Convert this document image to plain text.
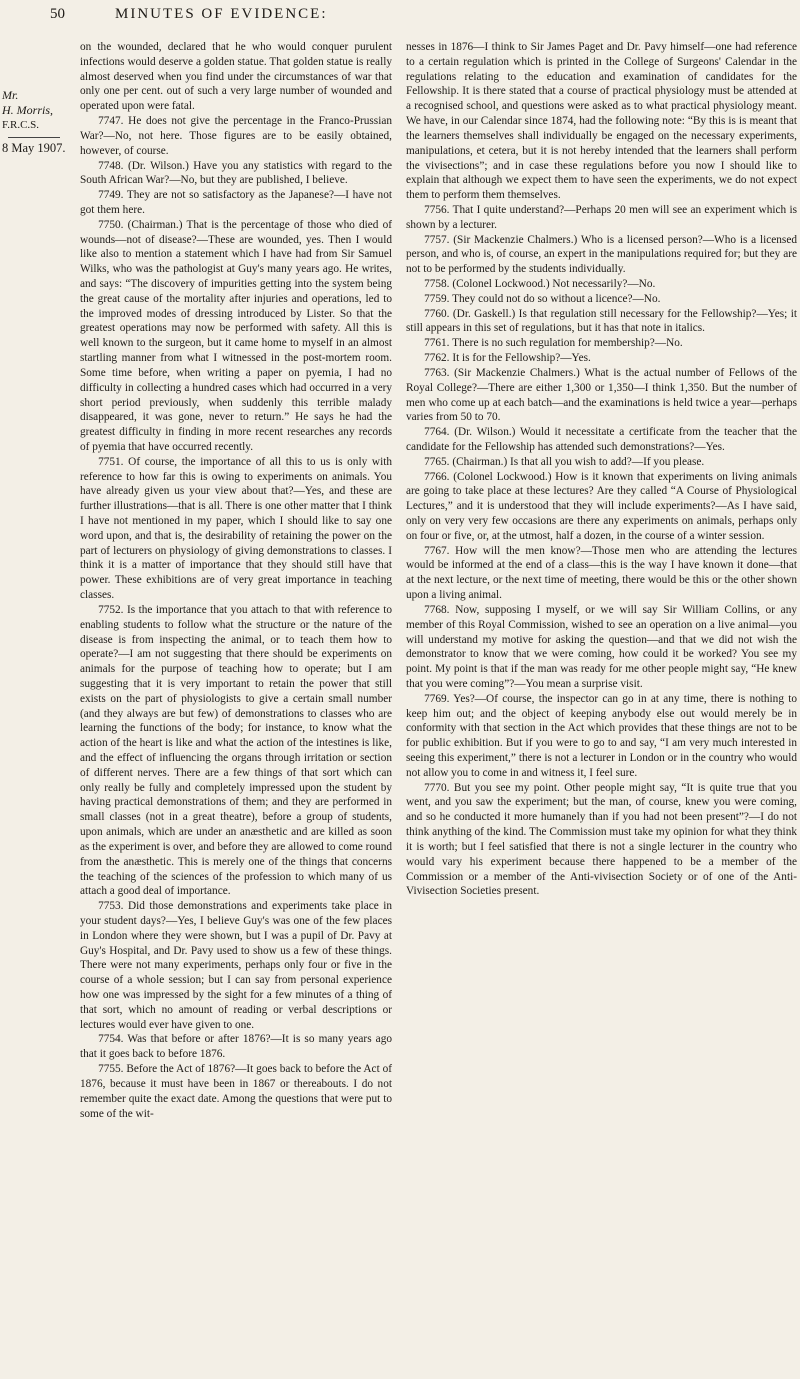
50	MINUTES OF EVIDENCE:
Mr.
H. Morris,
F.R.C.S.
8 May 1907.

on the wounded, declared that he who would conquer purulent infections would deserve a golden statue. That golden statue is really almost deserved when you find under the circumstances of war that only one per cent. out of such a very large number of wounded and operated upon were fatal.

7747. He does not give the percentage in the Franco-Prussian War?—No, not here. Those figures are to be easily obtained, however, of course.

7748. (Dr. Wilson.) Have you any statistics with regard to the South African War?—No, but they are published, I believe.

7749. They are not so satisfactory as the Japanese?—I have not got them here.

7750. (Chairman.) That is the percentage of those who died of wounds—not of disease?—These are wounded, yes. Then I would like also to mention a statement which I have had from Sir Samuel Wilks, who was the pathologist at Guy's many years ago. He writes, and says: “The discovery of impurities getting into the system being the great cause of the mortality after injuries and operations, led to the improved modes of dressing introduced by Lister. So that the greatest operations may now be performed with safety. All this is well known to the surgeon, but it came home to myself in an almost startling manner from what I witnessed in the post-mortem room. Some time before, when writing a paper on pyemia, I had no difficulty in collecting a hundred cases which had occurred in a very short period previously, when suddenly this terrible malady disappeared, it was gone, never to return.” He says he had the greatest difficulty in finding in more recent researches any records of pyemia that have occurred recently.

7751. Of course, the importance of all this to us is only with reference to how far this is owing to experiments on animals. You have already given us your view about that?—Yes, and these are further illustrations—that is all. There is one other matter that I think I have not mentioned in my paper, which I should like to say one word upon, and that is, the desirability of retaining the power on the part of lecturers on physiology of giving demonstrations to classes. I think it is a matter of importance that they should still have that power. These exhibitions are of very great importance in teaching classes.

7752. Is the importance that you attach to that with reference to enabling students to follow what the structure or the nature of the disease is from inspecting the animal, or to teach them how to operate?—I am not suggesting that there should be experiments on animals for the purpose of teaching how to operate; but I am suggesting that it is very important to retain the power that still exists on the part of physiologists to give a certain small number (and they always are but few) of demonstrations to classes who are learning the functions of the body; for instance, to know what the action of the heart is like and what the action of the intestines is like, and the effect of influencing the organs through irritation or section of different nerves. There are a few things of that sort which can only really be fully and completely impressed upon the student by having practical demonstrations of them; and they are performed in small classes (not in a great theatre), before a group of students, upon animals, which are under an anæsthetic and are killed as soon as the experiment is over, and before they are allowed to come round from the anæsthetic. This is merely one of the things that concerns the teaching of the sciences of the profession to which many of us attach a good deal of importance.

7753. Did those demonstrations and experiments take place in your student days?—Yes, I believe Guy's was one of the few places in London where they were shown, but I was a pupil of Dr. Pavy at Guy's Hospital, and Dr. Pavy used to show us a few of these things. There were not many experiments, perhaps only four or five in the course of a whole session; but I can say from personal experience how one was impressed by the sight for a few minutes of a thing of that sort, which no amount of reading or verbal descriptions or lectures would ever have given to one.

7754. Was that before or after 1876?—It is so many years ago that it goes back to before 1876.

7755. Before the Act of 1876?—It goes back to before the Act of 1876, because it must have been in 1867 or thereabouts. I do not remember quite the exact date. Among the questions that were put to some of the wit-

nesses in 1876—I think to Sir James Paget and Dr. Pavy himself—one had reference to a certain regulation which is printed in the College of Surgeons' Calendar in the regulations relating to the education and examination of candidates for the Fellowship. It is there stated that a course of practical physiology must be attended at a recognised school, and questions were asked as to what practical physiology meant. We have, in our Calendar since 1874, had the following note: “By this is is meant that the learners themselves shall individually be engaged on the necessary experiments, manipulations, et cetera, but it is not hereby intended that the learners shall perform the vivisections”; and in case these regulations before you now I should like to explain that although we expect them to have seen the experiments, we do not expect them to perform them themselves.

7756. That I quite understand?—Perhaps 20 men will see an experiment which is shown by a lecturer.

7757. (Sir Mackenzie Chalmers.) Who is a licensed person?—Who is a licensed person, and who is, of course, an expert in the manipulations required for; but they are not to be performed by the students individually.

7758. (Colonel Lockwood.) Not necessarily?—No.

7759. They could not do so without a licence?—No.

7760. (Dr. Gaskell.) Is that regulation still necessary for the Fellowship?—Yes; it still appears in this set of regulations, but it has that note in italics.

7761. There is no such regulation for membership?—No.

7762. It is for the Fellowship?—Yes.

7763. (Sir Mackenzie Chalmers.) What is the actual number of Fellows of the Royal College?—There are either 1,300 or 1,350—I think 1,350. But the number of men who come up at each batch—and the examinations is held twice a year—perhaps varies from 50 to 70.

7764. (Dr. Wilson.) Would it necessitate a certificate from the teacher that the candidate for the Fellowship has attended such demonstrations?—Yes.

7765. (Chairman.) Is that all you wish to add?—If you please.

7766. (Colonel Lockwood.) How is it known that experiments on living animals are going to take place at these lectures? Are they called “A Course of Physiological Lectures,” and it is understood that they will include experiments?—As I have said, only on very very few occasions are there any experiments on animals, perhaps only on four or five, or, at the utmost, half a dozen, in the course of a winter session.

7767. How will the men know?—Those men who are attending the lectures would be informed at the end of a class—this is the way I have known it done—that at the next lecture, or the next time of meeting, there would be this or the other shown upon a living animal.

7768. Now, supposing I myself, or we will say Sir William Collins, or any member of this Royal Commission, wished to see an operation on a live animal—you will understand my motive for asking the question—and that we did not wish the demonstrator to know that we were coming, how could it be worked? You see my point. My point is that if the man was ready for me other people might say, “He knew that you were coming”?—You mean a surprise visit.

7769. Yes?—Of course, the inspector can go in at any time, there is nothing to keep him out; and the object of keeping anybody else out would merely be in conformity with that section in the Act which provides that these things are not to be for public exhibition. But if you were to go to and say, “I am very much interested in seeing this experiment,” there is not a lecturer in London or in the country who would not allow you to come in and witness it, I feel sure.

7770. But you see my point. Other people might say, “It is quite true that you went, and you saw the experiment; but the man, of course, knew you were coming, and so he conducted it more humanely than if you had not been present”?—I do not think anything of the kind. The Commission must take my opinion for what they think it is worth; but I feel satisfied that there is not a single lecturer in the country who would vary his experiment because there happened to be a member of the Commission or a member of the Anti-vivisection Society or of one of the Anti-Vivisection Societies present.
